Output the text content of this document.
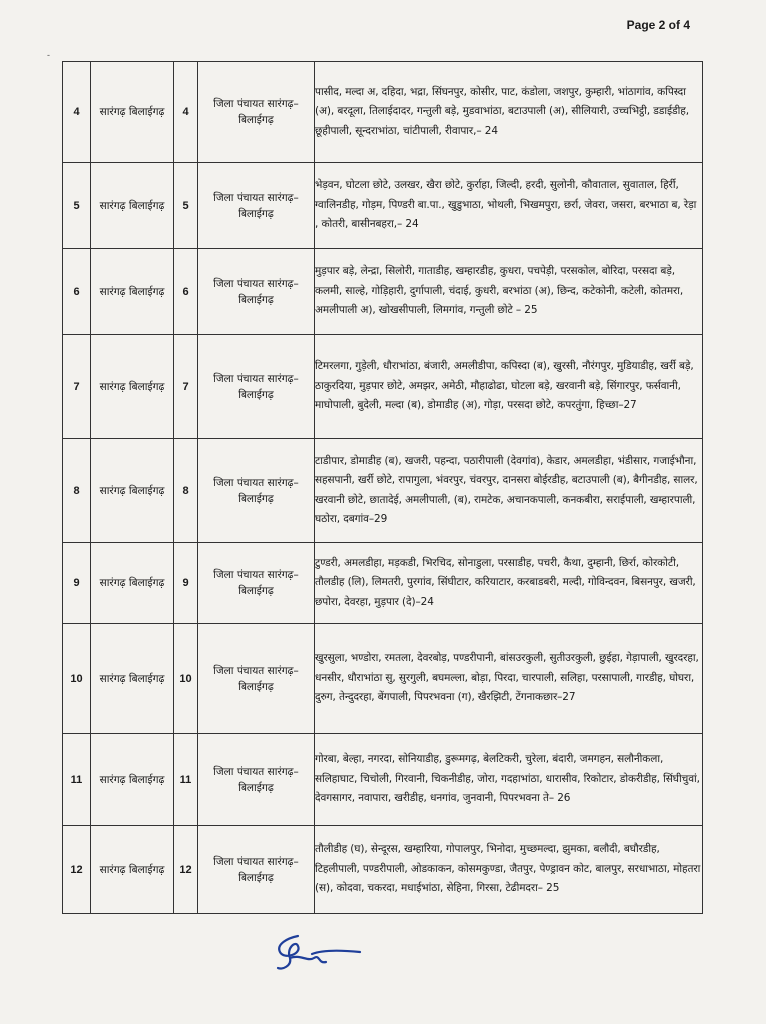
Page 2 of 4
-
4	सारंगढ़ बिलाईगढ़	4	जिला पंचायत सारंगढ़–बिलाईगढ़	पासीद, मल्दा अ, दहिदा, भद्रा, सिंघनपुर, कोसीर, पाट, कंडोला, जशपुर, कुम्हारी, भांठागांव, कपिस्दा (अ), बरदूला, तिलाईदादर, गन्तुली बड़े, मुडवाभांठा, बटाउपाली (अ), सीलियारी, उच्चभिट्ठी, डडाईडीह, छूहीपाली, सून्दराभांठा, चांटीपाली, रीवापार,– 24
5	सारंगढ़ बिलाईगढ़	5	जिला पंचायत सारंगढ़–बिलाईगढ़	भेड़वन, घोटला छोटे, उलखर, खैरा छोटे, कुर्राहा, जिल्दी, हरदी, सुलोनी, कौवाताल, सुवाताल, हिर्री, ग्वालिनडीह, गोड़म, पिण्डरी बा.पा., खुडुभाठा, भोथली, भिखमपुरा, छर्रा, जेवरा, जसरा, बरभाठा ब, रेड़ा , कोतरी, बासीनबहरा,– 24
6	सारंगढ़ बिलाईगढ़	6	जिला पंचायत सारंगढ़–बिलाईगढ़	मुड़पार बड़े, लेन्द्रा, सिलोरी, गाताडीह, खम्हारडीह, कुधरा, पचपेड़ी, परसकोल, बोरिदा, परसदा बड़े, कलमी, साल्हे, गोड़िहारी, दुर्गापाली, चंदाई, कुधरी, बरभांठा (अ), छिन्द, कटेकोनी, कटेली, कोतमरा, अमलीपाली अ), खोखसीपाली, लिमगांव, गन्तुली छोटे – 25
7	सारंगढ़ बिलाईगढ़	7	जिला पंचायत सारंगढ़–बिलाईगढ़	टिमरलगा, गुड़ेली, धौराभांठा, बंजारी, अमलीडीपा, कपिस्दा (ब), खुरसी, नौरंगपुर, मुडियाडीह, खर्री बड़े, ठाकुरदिया, मुड़पार छोटे, अमझर, अमेठी, मौहाढोढा, घोटला बड़े, खरवानी बड़े, सिंगारपुर, फर्सवानी, माघोपाली, बुदेली, मल्दा (ब), डोमाडीह (अ), गोड़ा, परसदा छोटे, कपरतुंगा, हिच्छा–27
8	सारंगढ़ बिलाईगढ़	8	जिला पंचायत सारंगढ़–बिलाईगढ़	टाडीपार, डोमाडीह (ब), खजरी, पहन्दा, पठारीपाली (देवगांव), केडार, अमलडीहा, भंडीसार, गजाईभौना, सहसपानी, खर्री छोटे, रापागुला, भंवरपुर, चंवरपुर, दानसरा बोईरडीह, बटाउपाली (ब), बैगीनडीह, सालर, खरवानी छोटे, छातादेई, अमलीपाली, (ब), रामटेक, अचानकपाली, कनकबीरा, सराईपाली, खम्हारपाली, घठोरा, दबगांव–29
9	सारंगढ़ बिलाईगढ़	9	जिला पंचायत सारंगढ़–बिलाईगढ़	टुण्डरी, अमलडीहा, मड़कडी, भिरचिद, सोनाडुला, परसाडीह, पचरी, कैथा, दुम्हानी, छिर्रा, कोरकोटी, तौलडीह (लि), लिमतरी, पुरगांव, सिंघीटार, करियाटार, करबाडबरी, मल्दी, गोविन्दवन, बिसनपुर, खजरी, छपोरा, देवरहा, मुड़पार (दे)–24
10	सारंगढ़ बिलाईगढ़	10	जिला पंचायत सारंगढ़–बिलाईगढ़	खुरसुला, भण्डोरा, रमतला, देवरबोड़, पण्डरीपानी, बांसउरकुली, सुतीउरकुली, छुईहा, गेड़ापाली, खुरदरहा, धनसीर, धौराभांठा सु, सुरगुली, बघमल्ला, बोड़ा, पिरदा, चारपाली, सलिहा, परसापाली, गारडीह, घोघरा, दुरुग, तेन्दुदरहा, बेंगपाली, पिपरभवना (ग), खैरझिटी, टेंगनाकछार–27
11	सारंगढ़ बिलाईगढ़	11	जिला पंचायत सारंगढ़–बिलाईगढ़	गोरबा, बेल्हा, नगरदा, सोनियाडीह, डुरूमगढ़, बेलटिकरी, चुरेला, बंदारी, जमगहन, सलौनीकला, सलिहाघाट, चिचोली, गिरवानी, चिकनीडीह, जोरा, गदहाभांठा, धारासीव, रिकोटार, डोकरीडीह, सिंघीचुवां, देवगसागर, नवापारा, खरीडीह, धनगांव, जुनवानी, पिपरभवना ते– 26
12	सारंगढ़ बिलाईगढ़	12	जिला पंचायत सारंगढ़–बिलाईगढ़	तौलीडीह (घ), सेन्दूरस, खम्हारिया, गोपालपुर, भिनोदा, मुच्छमल्दा, झुमका, बलौदी, बघौरडीह, टिहलीपाली, पण्डरीपाली, ओडकाकन, कोसमकुण्डा, जैतपुर, पेण्ड्रावन कोट, बालपुर, सरधाभाठा, मोहतरा (स), कोदवा, चकरदा, मधाईभांठा, सेहिना, गिरसा, टेढीमदरा– 25
